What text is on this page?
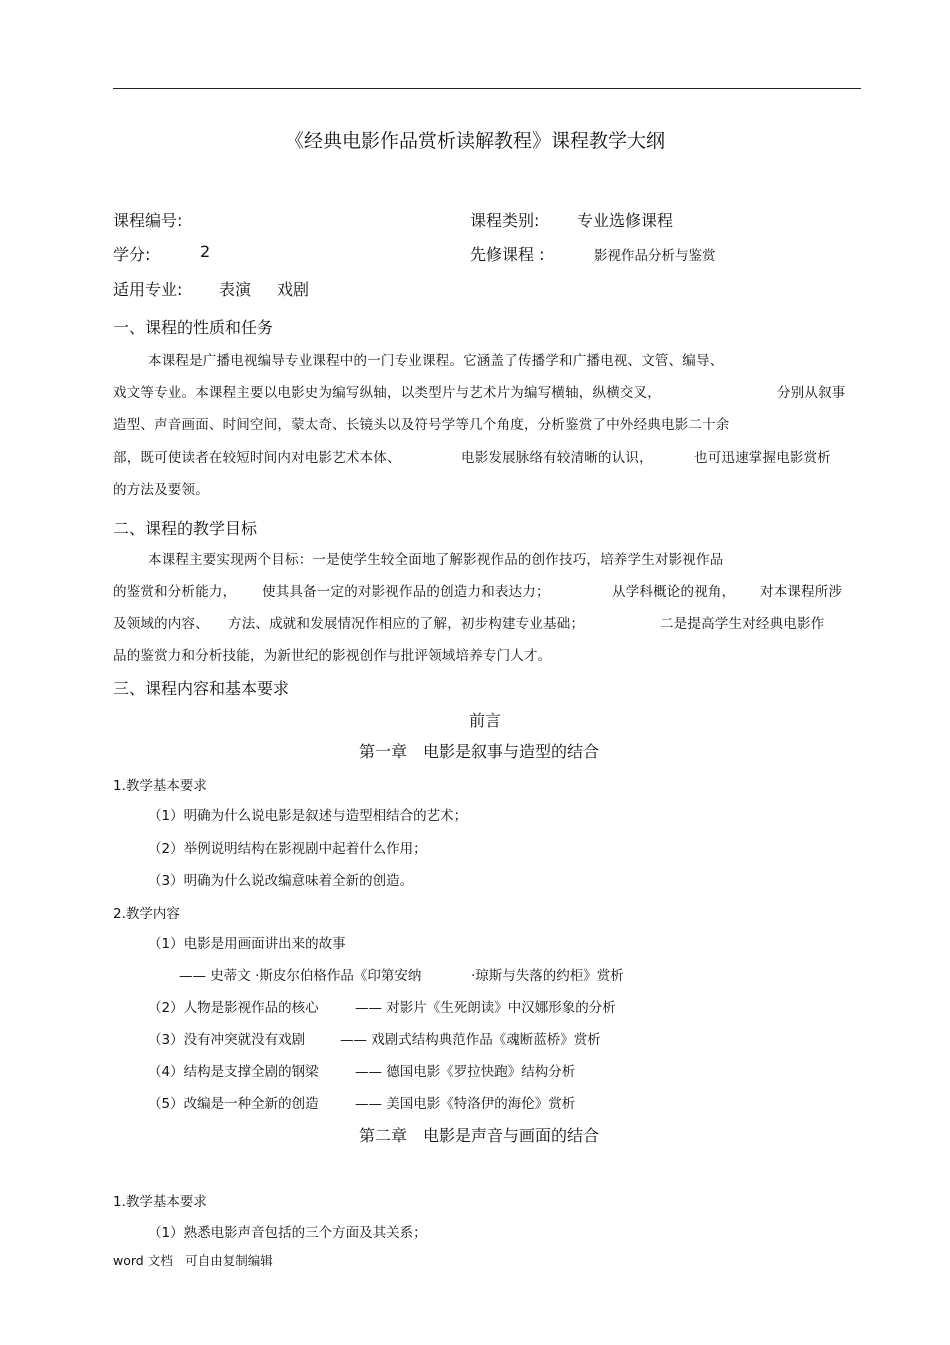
《经典电影作品赏析读解教程》课程教学大纲
课程编号:	课程类别: 专业选修课程
学分:	2	先修课程 :	影视作品分析与鉴赏
适用专业: 表演 戏剧
一、课程的性质和任务
本课程是广播电视编导专业课程中的一门专业课程。它涵盖了传播学和广播电视、文管、编导、
戏文等专业。本课程主要以电影史为编写纵轴，以类型片与艺术片为编写横轴，纵横交叉，	分别从叙事
造型、声音画面、时间空间，蒙太奇、长镜头以及符号学等几个角度，分析鉴赏了中外经典电影二十余
部，既可使读者在较短时间内对电影艺术本体、	电影发展脉络有较清晰的认识，	也可迅速掌握电影赏析
的方法及要领。
二、课程的教学目标
本课程主要实现两个目标：一是使学生较全面地了解影视作品的创作技巧，培养学生对影视作品
的鉴赏和分析能力， 使其具备一定的对影视作品的创造力和表达力；	从学科概论的视角， 对本课程所涉
及领域的内容、 方法、成就和发展情况作相应的了解，初步构建专业基础；	二是提高学生对经典电影作
品的鉴赏力和分析技能，为新世纪的影视创作与批评领域培养专门人才。
三、课程内容和基本要求
前言
第一章　电影是叙事与造型的结合
1.教学基本要求
（1）明确为什么说电影是叙述与造型相结合的艺术；
（2）举例说明结构在影视剧中起着什么作用；
（3）明确为什么说改编意味着全新的创造。
2.教学内容
（1）电影是用画面讲出来的故事
—— 史蒂文 ·斯皮尔伯格作品《印第安纳	·琼斯与失落的约柜》赏析
（2）人物是影视作品的核心	—— 对影片《生死朗读》中汉娜形象的分析
（3）没有冲突就没有戏剧	—— 戏剧式结构典范作品《魂断蓝桥》赏析
（4）结构是支撑全剧的钢梁	—— 德国电影《罗拉快跑》结构分析
（5）改编是一种全新的创造	—— 美国电影《特洛伊的海伦》赏析
第二章　电影是声音与画面的结合
1.教学基本要求
（1）熟悉电影声音包括的三个方面及其关系；
word 文档　可自由复制编辑
